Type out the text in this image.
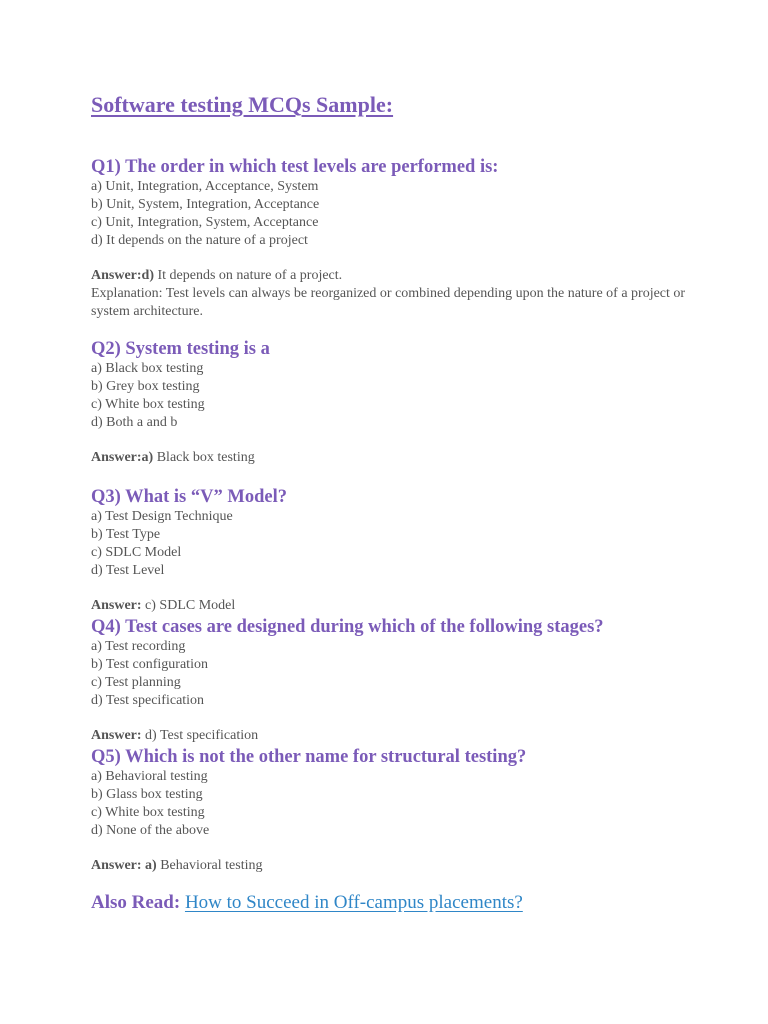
Software testing MCQs Sample:

Q1) The order in which test levels are performed is:

a) Unit, Integration, Acceptance, System

b) Unit, System, Integration, Acceptance

c) Unit, Integration, System, Acceptance

d) It depends on the nature of a project

Answer:d) It depends on nature of a project.

Explanation: Test levels can always be reorganized or combined depending upon the nature of a project or system architecture.

Q2) System testing is a

a) Black box testing

b) Grey box testing

c) White box testing

d) Both a and b

Answer:a) Black box testing

Q3) What is “V” Model?

a) Test Design Technique

b) Test Type

c) SDLC Model

d) Test Level

Answer: c) SDLC Model

Q4) Test cases are designed during which of the following stages?

a) Test recording

b) Test configuration

c) Test planning

d) Test specification

Answer: d) Test specification

Q5) Which is not the other name for structural testing?

a) Behavioral testing

b) Glass box testing

c) White box testing

d) None of the above

Answer: a) Behavioral testing

Also Read: How to Succeed in Off-campus placements?
